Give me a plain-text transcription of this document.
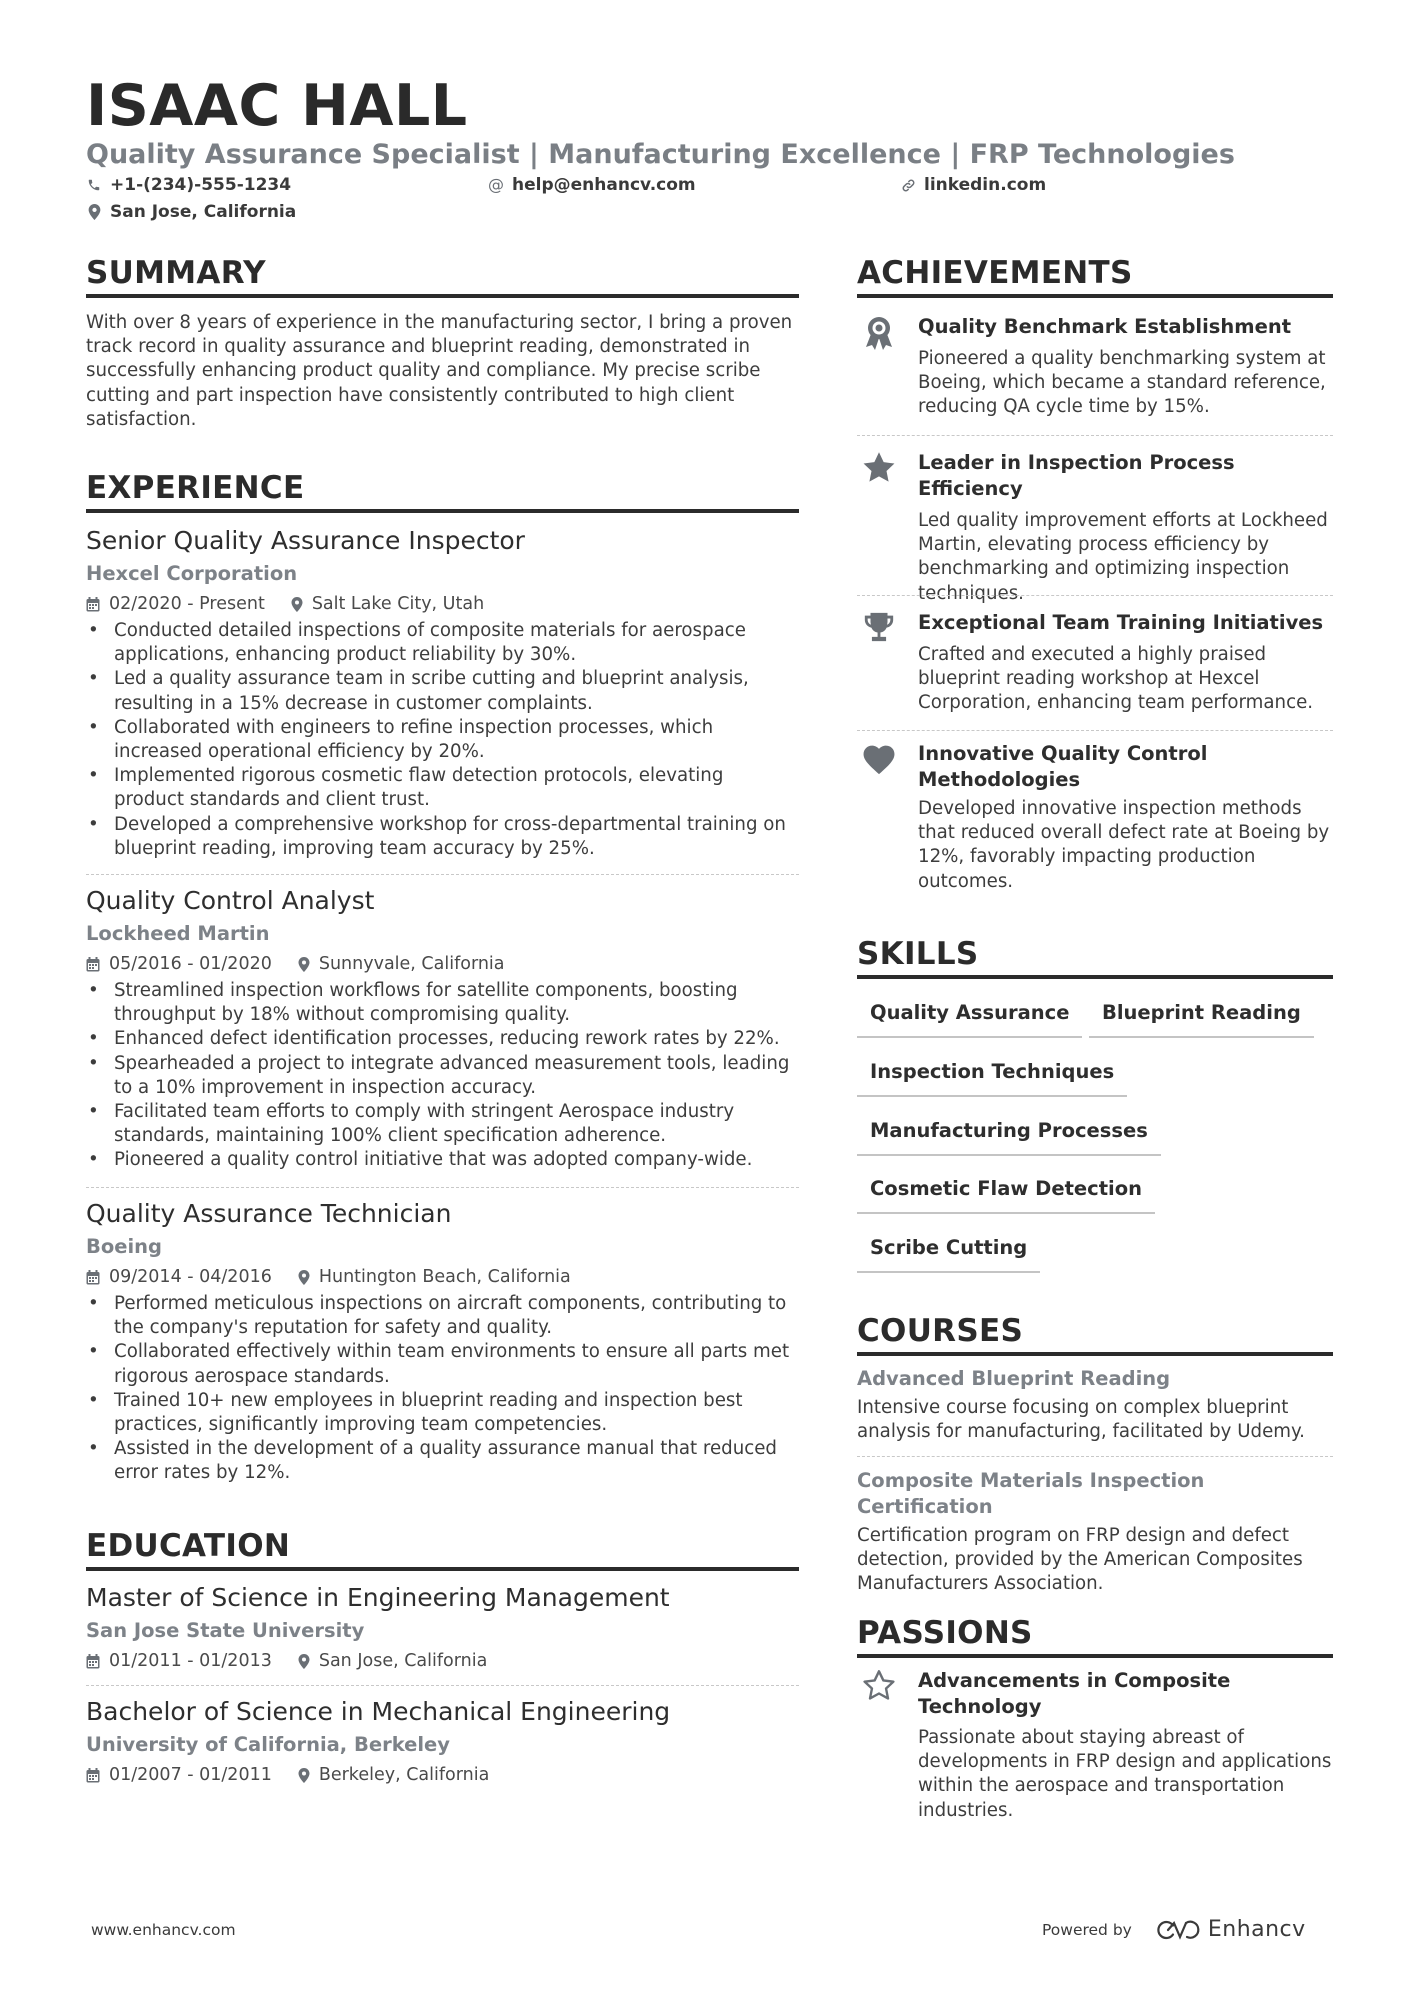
ISAAC HALL
Quality Assurance Specialist | Manufacturing Excellence | FRP Technologies
+1-(234)-555-1234	@ help@enhancv.com	linkedin.com
San Jose, California
SUMMARY
With over 8 years of experience in the manufacturing sector, I bring a proven track record in quality assurance and blueprint reading, demonstrated in successfully enhancing product quality and compliance. My precise scribe cutting and part inspection have consistently contributed to high client satisfaction.
EXPERIENCE
Senior Quality Assurance Inspector
Hexcel Corporation
02/2020 - Present	Salt Lake City, Utah
• Conducted detailed inspections of composite materials for aerospace applications, enhancing product reliability by 30%.
• Led a quality assurance team in scribe cutting and blueprint analysis, resulting in a 15% decrease in customer complaints.
• Collaborated with engineers to refine inspection processes, which increased operational efficiency by 20%.
• Implemented rigorous cosmetic flaw detection protocols, elevating product standards and client trust.
• Developed a comprehensive workshop for cross-departmental training on blueprint reading, improving team accuracy by 25%.
Quality Control Analyst
Lockheed Martin
05/2016 - 01/2020	Sunnyvale, California
• Streamlined inspection workflows for satellite components, boosting throughput by 18% without compromising quality.
• Enhanced defect identification processes, reducing rework rates by 22%.
• Spearheaded a project to integrate advanced measurement tools, leading to a 10% improvement in inspection accuracy.
• Facilitated team efforts to comply with stringent Aerospace industry standards, maintaining 100% client specification adherence.
• Pioneered a quality control initiative that was adopted company-wide.
Quality Assurance Technician
Boeing
09/2014 - 04/2016	Huntington Beach, California
• Performed meticulous inspections on aircraft components, contributing to the company's reputation for safety and quality.
• Collaborated effectively within team environments to ensure all parts met rigorous aerospace standards.
• Trained 10+ new employees in blueprint reading and inspection best practices, significantly improving team competencies.
• Assisted in the development of a quality assurance manual that reduced error rates by 12%.
EDUCATION
Master of Science in Engineering Management
San Jose State University
01/2011 - 01/2013	San Jose, California
Bachelor of Science in Mechanical Engineering
University of California, Berkeley
01/2007 - 01/2011	Berkeley, California
ACHIEVEMENTS
Quality Benchmark Establishment
Pioneered a quality benchmarking system at Boeing, which became a standard reference, reducing QA cycle time by 15%.
Leader in Inspection Process Efficiency
Led quality improvement efforts at Lockheed Martin, elevating process efficiency by benchmarking and optimizing inspection techniques.
Exceptional Team Training Initiatives
Crafted and executed a highly praised blueprint reading workshop at Hexcel Corporation, enhancing team performance.
Innovative Quality Control Methodologies
Developed innovative inspection methods that reduced overall defect rate at Boeing by 12%, favorably impacting production outcomes.
SKILLS
Quality Assurance	Blueprint Reading
Inspection Techniques
Manufacturing Processes
Cosmetic Flaw Detection
Scribe Cutting
COURSES
Advanced Blueprint Reading
Intensive course focusing on complex blueprint analysis for manufacturing, facilitated by Udemy.
Composite Materials Inspection Certification
Certification program on FRP design and defect detection, provided by the American Composites Manufacturers Association.
PASSIONS
Advancements in Composite Technology
Passionate about staying abreast of developments in FRP design and applications within the aerospace and transportation industries.
www.enhancv.com	Powered by	Enhancv
